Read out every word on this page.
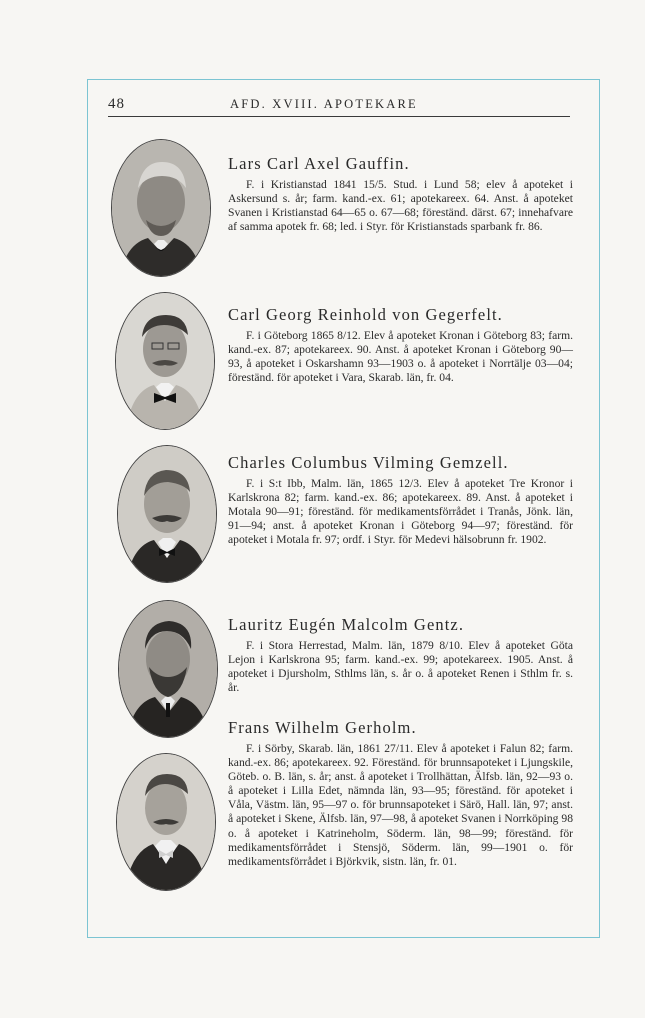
48	AFD. XVIII. APOTEKARE

Lars Carl Axel Gauffin.

F. i Kristianstad 1841 15/5. Stud. i Lund 58; elev å apoteket i Askersund s. år; farm. kand.-ex. 61; apotekareex. 64. Anst. å apoteket Svanen i Kristianstad 64—65 o. 67—68; föreständ. därst. 67; innehafvare af samma apotek fr. 68; led. i Styr. för Kristianstads sparbank fr. 86.

Carl Georg Reinhold von Gegerfelt.

F. i Göteborg 1865 8/12. Elev å apoteket Kronan i Göteborg 83; farm. kand.-ex. 87; apotekareex. 90. Anst. å apoteket Kronan i Göteborg 90—93, å apoteket i Oskarshamn 93—1903 o. å apoteket i Norrtälje 03—04; föreständ. för apoteket i Vara, Skarab. län, fr. 04.

Charles Columbus Vilming Gemzell.

F. i S:t Ibb, Malm. län, 1865 12/3. Elev å apoteket Tre Kronor i Karlskrona 82; farm. kand.-ex. 86; apotekareex. 89. Anst. å apoteket i Motala 90—91; föreständ. för medikamentsförrådet i Tranås, Jönk. län, 91—94; anst. å apoteket Kronan i Göteborg 94—97; föreständ. för apoteket i Motala fr. 97; ordf. i Styr. för Medevi hälsobrunn fr. 1902.

Lauritz Eugén Malcolm Gentz.

F. i Stora Herrestad, Malm. län, 1879 8/10. Elev å apoteket Göta Lejon i Karlskrona 95; farm. kand.-ex. 99; apotekareex. 1905. Anst. å apoteket i Djursholm, Sthlms län, s. år o. å apoteket Renen i Sthlm fr. s. år.

Frans Wilhelm Gerholm.

F. i Sörby, Skarab. län, 1861 27/11. Elev å apoteket i Falun 82; farm. kand.-ex. 86; apotekareex. 92. Föreständ. för brunnsapoteket i Ljungskile, Göteb. o. B. län, s. år; anst. å apoteket i Trollhättan, Älfsb. län, 92—93 o. å apoteket i Lilla Edet, nämnda län, 93—95; föreständ. för apoteket i Våla, Västm. län, 95—97 o. för brunnsapoteket i Särö, Hall. län, 97; anst. å apoteket i Skene, Älfsb. län, 97—98, å apoteket Svanen i Norrköping 98 o. å apoteket i Katrineholm, Söderm. län, 98—99; föreständ. för medikamentsförrådet i Stensjö, Söderm. län, 99—1901 o. för medikamentsförrådet i Björkvik, sistn. län, fr. 01.
